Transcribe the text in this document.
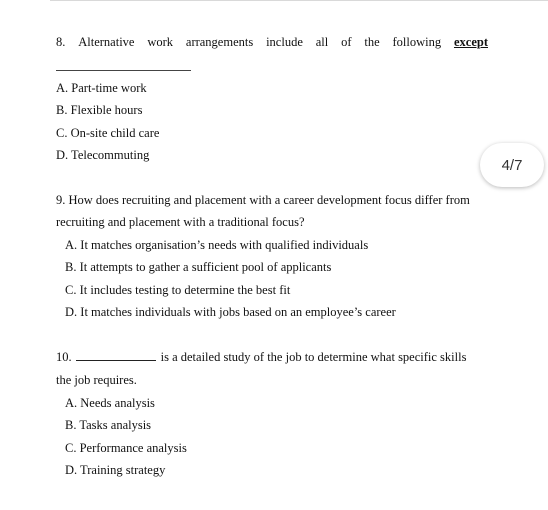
8. Alternative work arrangements include all of the following except
A. Part-time work
B. Flexible hours
C. On-site child care
D. Telecommuting
4/7
9. How does recruiting and placement with a career development focus differ from
recruiting and placement with a traditional focus?
A. It matches organisation’s needs with qualified individuals
B. It attempts to gather a sufficient pool of applicants
C. It includes testing to determine the best fit
D. It matches individuals with jobs based on an employee’s career
10.	is a detailed study of the job to determine what specific skills
the job requires.
A. Needs analysis
B. Tasks analysis
C. Performance analysis
D. Training strategy
